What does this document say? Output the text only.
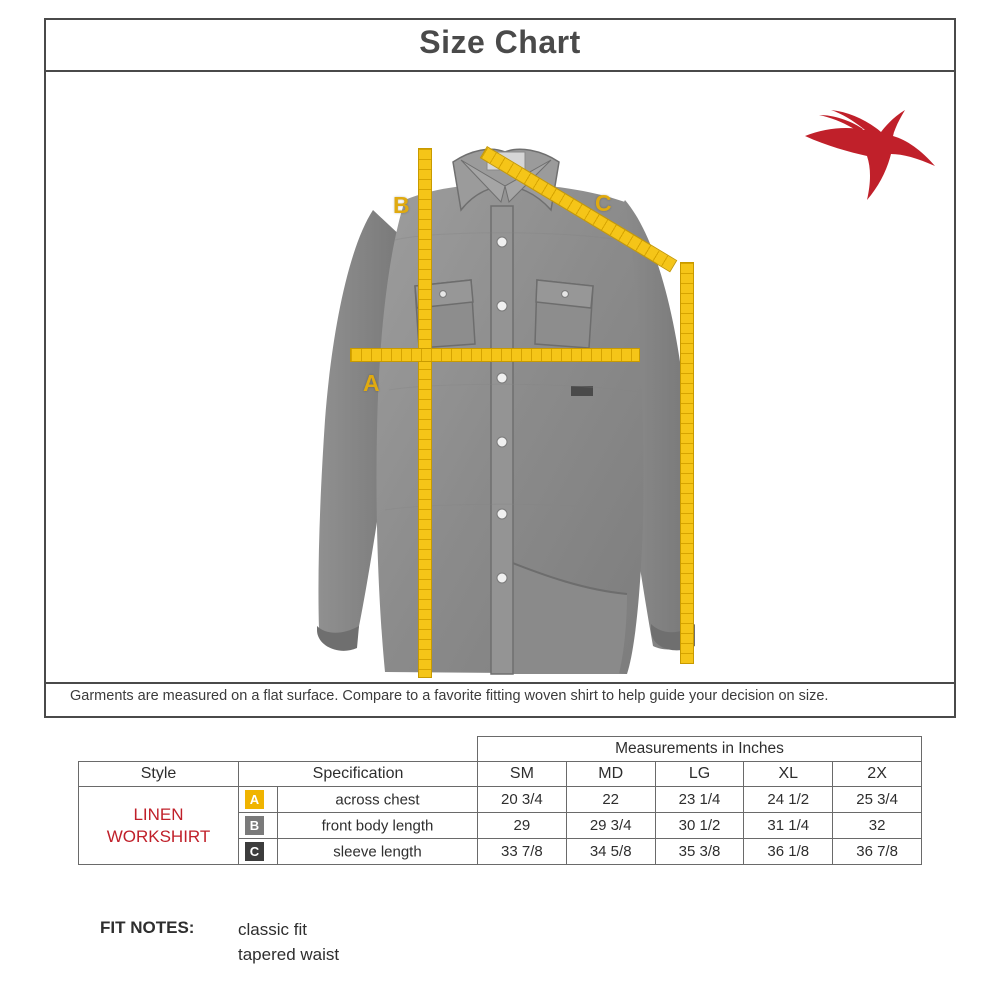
Size Chart
B
A
C
Garments are measured on a flat surface. Compare to a favorite fitting woven shirt to help guide your decision on size.
			Measurements in Inches				
Style	Specification		SM	MD	LG	XL	2X
LINEN
WORKSHIRT	A	across chest	20 3/4	22	23 1/4	24 1/2	25 3/4
	B	front body length	29	29 3/4	30 1/2	31 1/4	32
	C	sleeve length	33 7/8	34 5/8	35 3/8	36 1/8	36 7/8
FIT NOTES:	classic fit
tapered waist
